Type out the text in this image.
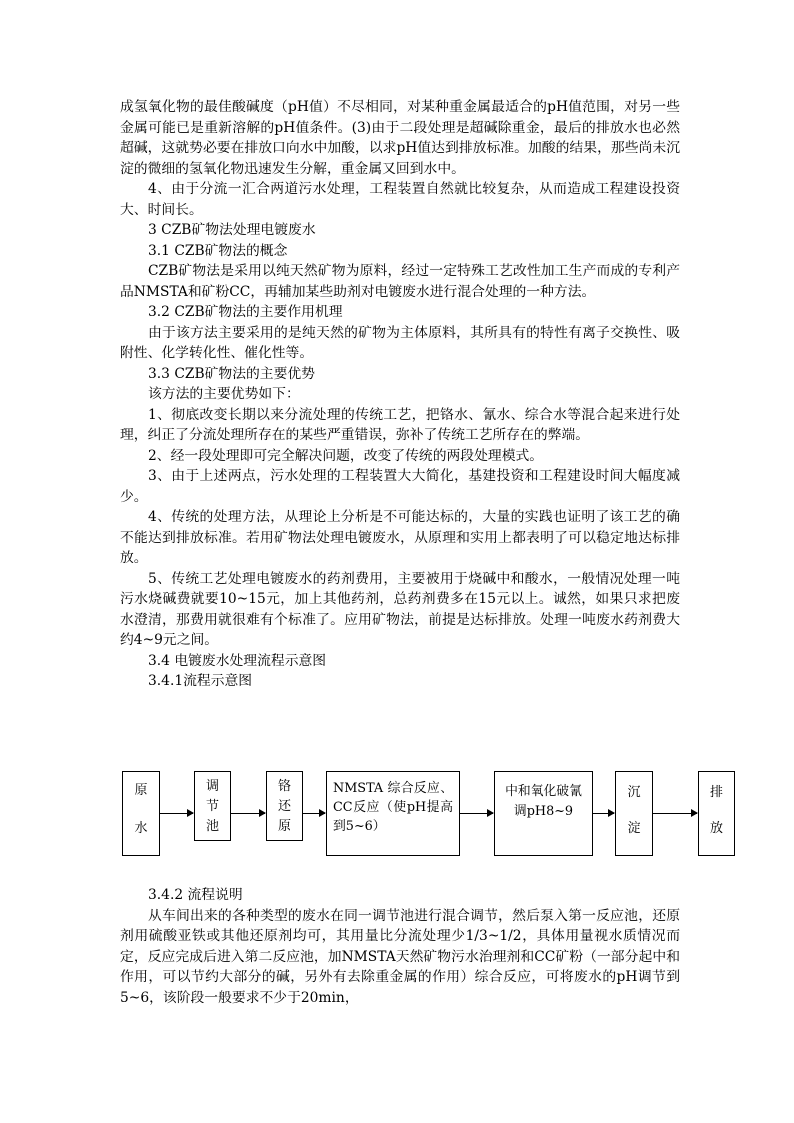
成氢氧化物的最佳酸碱度（pH值）不尽相同，对某种重金属最适合的pH值范围，对另一些金属可能已是重新溶解的pH值条件。(3)由于二段处理是超碱除重金，最后的排放水也必然超碱，这就势必要在排放口向水中加酸，以求pH值达到排放标准。加酸的结果，那些尚未沉淀的微细的氢氧化物迅速发生分解，重金属又回到水中。

4、由于分流一汇合两道污水处理，工程装置自然就比较复杂，从而造成工程建设投资大、时间长。

3 CZB矿物法处理电镀废水

3.1 CZB矿物法的概念

CZB矿物法是采用以纯天然矿物为原料，经过一定特殊工艺改性加工生产而成的专利产品NMSTA和矿粉CC，再辅加某些助剂对电镀废水进行混合处理的一种方法。

3.2 CZB矿物法的主要作用机理

由于该方法主要采用的是纯天然的矿物为主体原料，其所具有的特性有离子交换性、吸附性、化学转化性、催化性等。

3.3 CZB矿物法的主要优势

该方法的主要优势如下：

1、彻底改变长期以来分流处理的传统工艺，把铬水、氰水、综合水等混合起来进行处理，纠正了分流处理所存在的某些严重错误，弥补了传统工艺所存在的弊端。

2、经一段处理即可完全解决问题，改变了传统的两段处理模式。

3、由于上述两点，污水处理的工程装置大大简化，基建投资和工程建设时间大幅度减少。

4、传统的处理方法，从理论上分析是不可能达标的，大量的实践也证明了该工艺的确不能达到排放标准。若用矿物法处理电镀废水，从原理和实用上都表明了可以稳定地达标排放。

5、传统工艺处理电镀废水的药剂费用，主要被用于烧碱中和酸水，一般情况处理一吨污水烧碱费就要10~15元，加上其他药剂，总药剂费多在15元以上。诚然，如果只求把废水澄清，那费用就很难有个标准了。应用矿物法，前提是达标排放。处理一吨废水药剂费大约4~9元之间。

3.4 电镀废水处理流程示意图

3.4.1流程示意图

原
水
调
节
池
铬
还
原
NMSTA 综合反应、CC反应（使pH提高到5~6）
中和氧化破氰调pH8~9
沉
淀
排
放

3.4.2 流程说明

从车间出来的各种类型的废水在同一调节池进行混合调节，然后泵入第一反应池，还原剂用硫酸亚铁或其他还原剂均可，其用量比分流处理少1/3~1/2，具体用量视水质情况而定，反应完成后进入第二反应池，加NMSTA天然矿物污水治理剂和CC矿粉（一部分起中和作用，可以节约大部分的碱，另外有去除重金属的作用）综合反应，可将废水的pH调节到5~6，该阶段一般要求不少于20min，
